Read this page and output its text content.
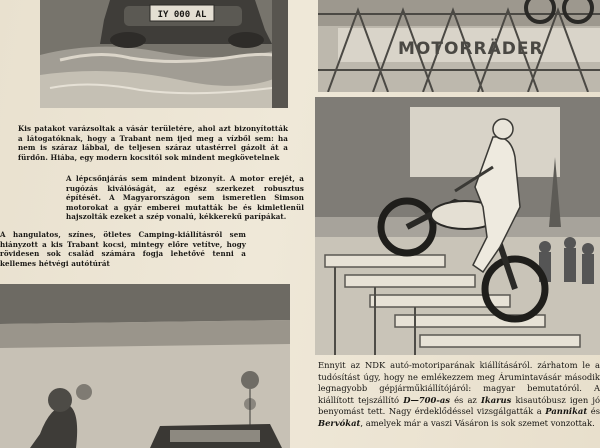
IY 000 AL
MOTORRÄDER

Kis patakot varázsoltak a vásár területére, ahol azt bizonyították a látogatóknak, hogy a Trabant nem ijed meg a vízből sem: ha nem is száraz lábbal, de teljesen száraz utastérrel gázolt át a fürdőn. Hiába, egy modern kocsitól sok mindent megkövetelnek

A lépcsőnjárás sem mindent bizonyít. A motor erejét, a rugózás kiválóságát, az egész szerkezet robusztus építését. A Magyarországon sem ismeretlen Simson motorokat a gyár emberei mutatták be és kimletlenül hajszolták ezeket a szép vonalú, kékkerekű parípákat.

A hangulatos, színes, ötletes Camping-kiállításról sem hiányzott a kis Trabant kocsi, mintegy előre vetítve, hogy rövidesen sok család számára fogja lehetővé tenni a kellemes hétvégi autótúrát

Ennyit az NDK autó-motoriparának kiállításáról. zárhatom le a tudósítást úgy, hogy ne emlékezzem meg Árumintavásár második legnagyobb gépjárműkiállítójáról: magyar bemutatóról. A kiállított tejszállító D—700-as és az Ikarus kisautóbusz igen jó benyomást tett. Nagy érdeklődéssel vizsgálgatták a Pannikat és Berv​ókat, amelyek már a vaszi Vásáron is sok szemet vonzottak.
